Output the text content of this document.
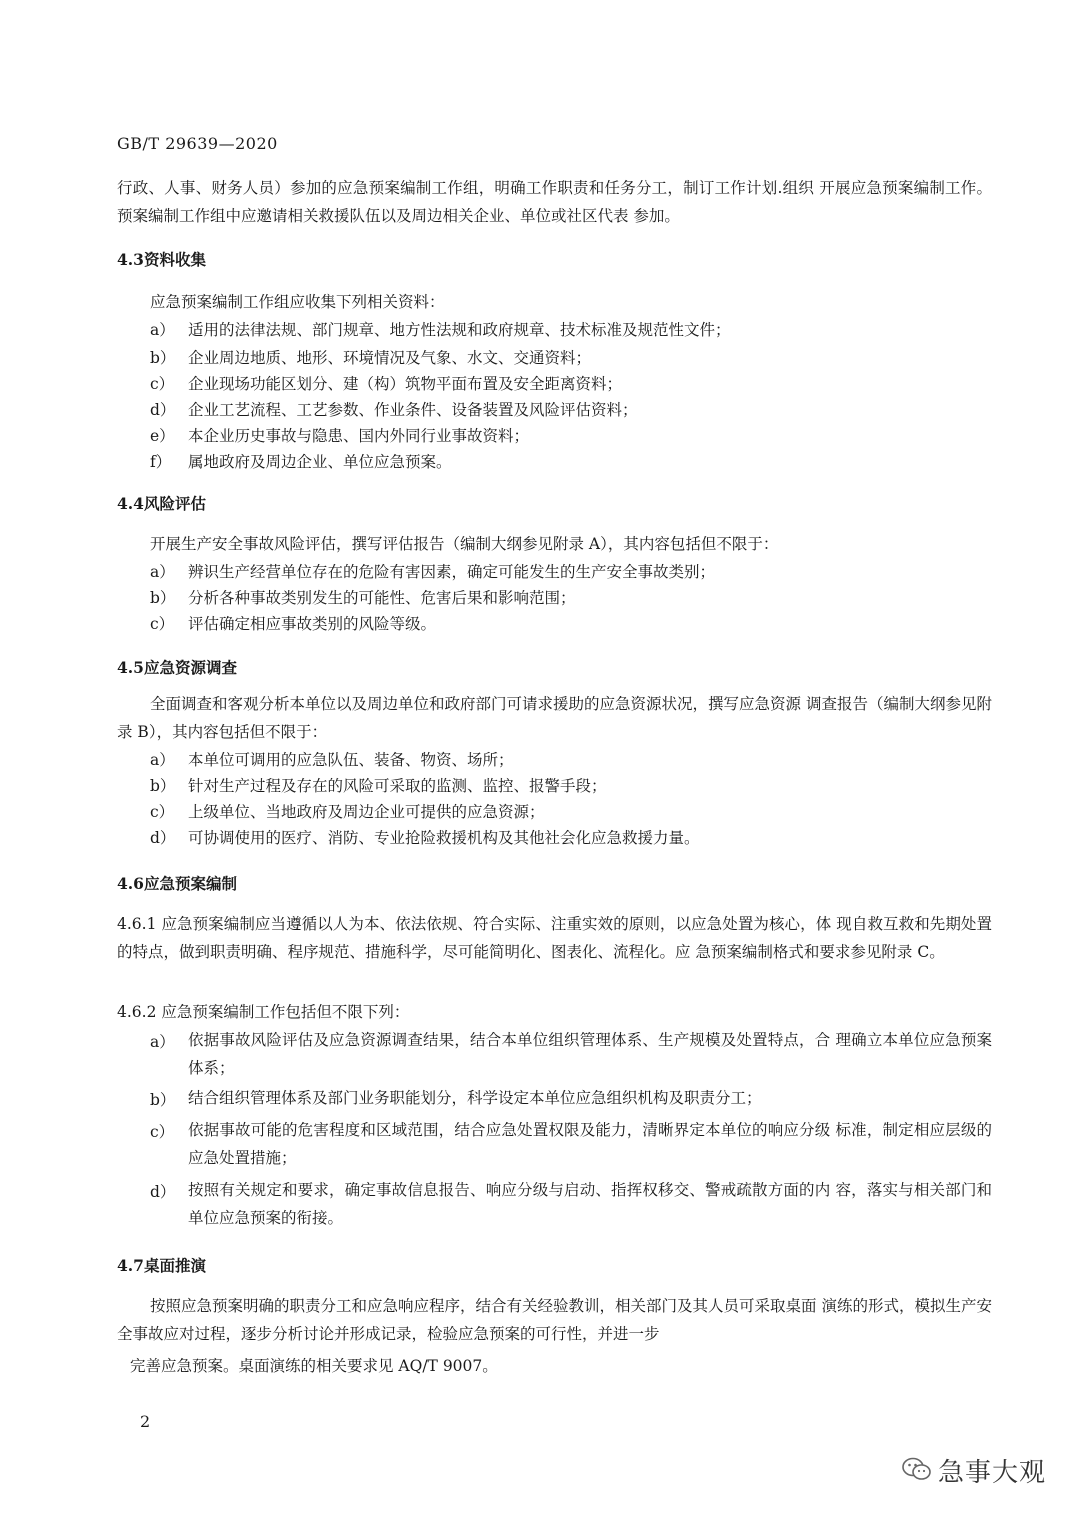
GB/T 29639—2020
行政、人事、财务人员）参加的应急预案编制工作组，明确工作职责和任务分工，制订工作计划.组织 开展应急预案编制工作。预案编制工作组中应邀请相关救援队伍以及周边相关企业、单位或社区代表 参加。
4.3资料收集
应急预案编制工作组应收集下列相关资料：
a） 适用的法律法规、部门规章、地方性法规和政府规章、技术标准及规范性文件；
b） 企业周边地质、地形、环境情况及气象、水文、交通资料；
c） 企业现场功能区划分、建（构）筑物平面布置及安全距离资料；
d） 企业工艺流程、工艺参数、作业条件、设备装置及风险评估资料；
e） 本企业历史事故与隐患、国内外同行业事故资料；
f） 属地政府及周边企业、单位应急预案。
4.4风险评估
开展生产安全事故风险评估，撰写评估报告（编制大纲参见附录 A），其内容包括但不限于：
a） 辨识生产经营单位存在的危险有害因素，确定可能发生的生产安全事故类别；
b） 分析各种事故类别发生的可能性、危害后果和影响范围；
c） 评估确定相应事故类别的风险等级。
4.5应急资源调查
全面调查和客观分析本单位以及周边单位和政府部门可请求援助的应急资源状况，撰写应急资源 调查报告（编制大纲参见附录 B），其内容包括但不限于：
a） 本单位可调用的应急队伍、装备、物资、场所；
b） 针对生产过程及存在的风险可采取的监测、监控、报警手段；
c） 上级单位、当地政府及周边企业可提供的应急资源；
d） 可协调使用的医疗、消防、专业抢险救援机构及其他社会化应急救援力量。
4.6应急预案编制
4.6.1 应急预案编制应当遵循以人为本、依法依规、符合实际、注重实效的原则，以应急处置为核心，体 现自救互救和先期处置的特点，做到职责明确、程序规范、措施科学，尽可能简明化、图表化、流程化。应 急预案编制格式和要求参见附录 C。
4.6.2 应急预案编制工作包括但不限下列：
a） 依据事故风险评估及应急资源调查结果，结合本单位组织管理体系、生产规模及处置特点，合 理确立本单位应急预案体系；
b） 结合组织管理体系及部门业务职能划分，科学设定本单位应急组织机构及职责分工；
c） 依据事故可能的危害程度和区域范围，结合应急处置权限及能力，清晰界定本单位的响应分级 标准，制定相应层级的应急处置措施；
d） 按照有关规定和要求，确定事故信息报告、响应分级与启动、指挥权移交、警戒疏散方面的内 容，落实与相关部门和单位应急预案的衔接。
4.7桌面推演
按照应急预案明确的职责分工和应急响应程序，结合有关经验教训，相关部门及其人员可采取桌面 演练的形式，模拟生产安全事故应对过程，逐步分析讨论并形成记录，检验应急预案的可行性，并进一步
完善应急预案。桌面演练的相关要求见 AQ/T 9007。
2
急事大观
